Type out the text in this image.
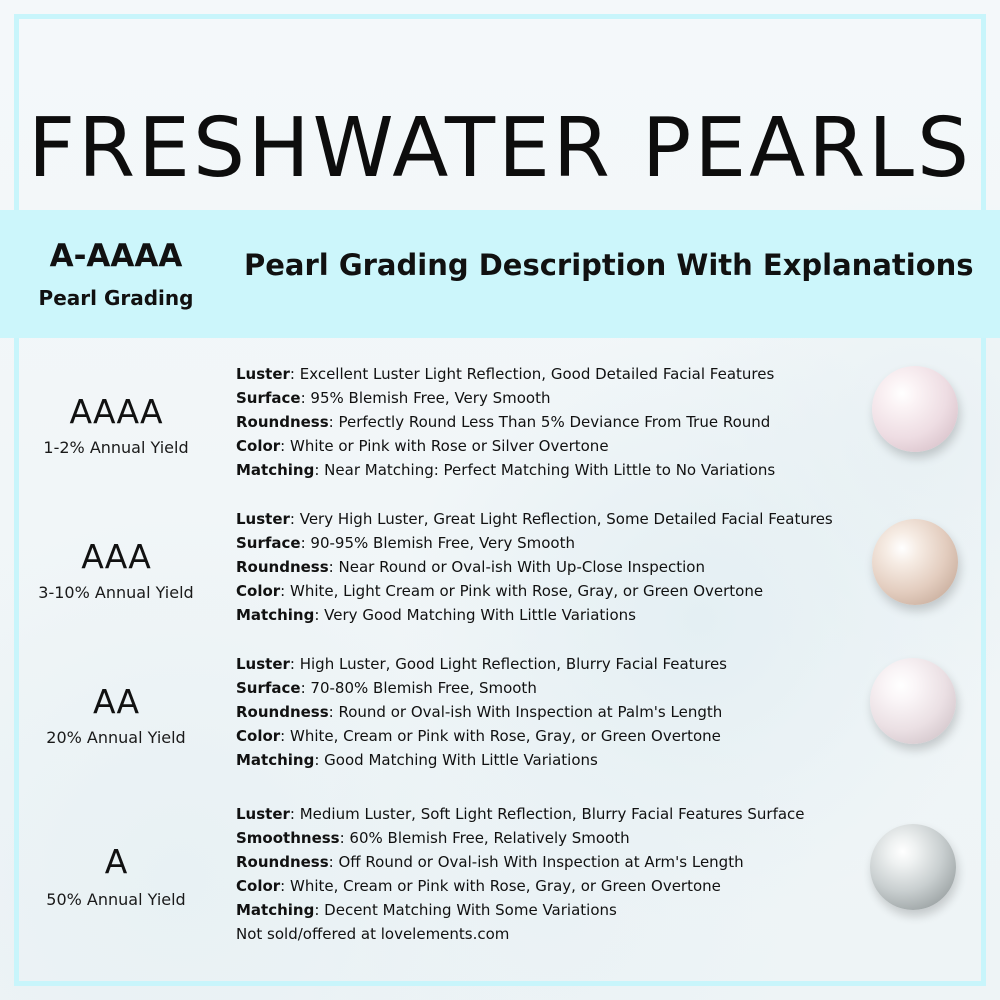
FRESHWATER PEARLS
A-AAAA
Pearl Grading
Pearl Grading Description With Explanations
AAAA
1-2% Annual Yield
Luster: Excellent Luster Light Reflection, Good Detailed Facial Features
Surface: 95% Blemish Free, Very Smooth
Roundness: Perfectly Round Less Than 5% Deviance From True Round
Color: White or Pink with Rose or Silver Overtone
Matching: Near Matching: Perfect Matching With Little to No Variations
AAA
3-10% Annual Yield
Luster: Very High Luster, Great Light Reflection, Some Detailed Facial Features
Surface: 90-95% Blemish Free, Very Smooth
Roundness: Near Round or Oval-ish With Up-Close Inspection
Color: White, Light Cream or Pink with Rose, Gray, or Green Overtone
Matching: Very Good Matching With Little Variations
AA
20% Annual Yield
Luster: High Luster, Good Light Reflection, Blurry Facial Features
Surface: 70-80% Blemish Free, Smooth
Roundness: Round or Oval-ish With Inspection at Palm's Length
Color: White, Cream or Pink with Rose, Gray, or Green Overtone
Matching: Good Matching With Little Variations
A
50% Annual Yield
Luster: Medium Luster, Soft Light Reflection, Blurry Facial Features Surface
Smoothness: 60% Blemish Free, Relatively Smooth
Roundness: Off Round or Oval-ish With Inspection at Arm's Length
Color: White, Cream or Pink with Rose, Gray, or Green Overtone
Matching: Decent Matching With Some Variations
Not sold/offered at lovelements.com
